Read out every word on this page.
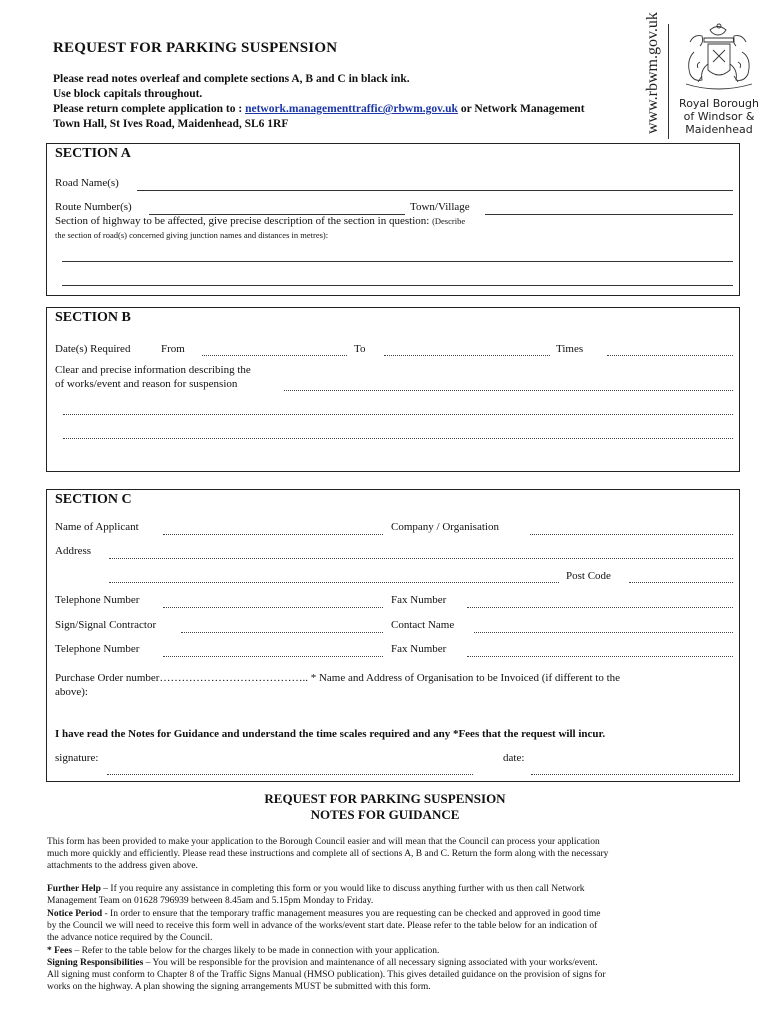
REQUEST FOR PARKING SUSPENSION
Please read notes overleaf and complete sections A, B and C in black ink.
Use block capitals throughout.
Please return complete application to : network.managementtraffic@rbwm.gov.uk or Network Management
Town Hall, St Ives Road, Maidenhead, SL6 1RF	www.rbwm.gov.uk	Royal Borough
of Windsor &
Maidenhead
SECTION A
Road Name(s)
Route Number(s)	Town/Village
Section of highway to be affected, give precise description of the section in question: (Describe
the section of road(s) concerned giving junction names and distances in metres):
SECTION B
Date(s) Required	From	To	Times
Clear and precise information describing the
of works/event and reason for suspension
SECTION C
Name of Applicant	Company / Organisation
Address
Post Code
Telephone Number	Fax Number
Sign/Signal Contractor	Contact Name
Telephone Number	Fax Number
Purchase Order number………………………………….. * Name and Address of Organisation to be Invoiced (if different to the
above):
I have read the Notes for Guidance and understand the time scales required and any *Fees that the request will incur.
signature:	date:
REQUEST FOR PARKING SUSPENSION
NOTES FOR GUIDANCE
This form has been provided to make your application to the Borough Council easier and will mean that the Council can process your application
much more quickly and efficiently. Please read these instructions and complete all of sections A, B and C. Return the form along with the necessary
attachments to the address given above.
Further Help – If you require any assistance in completing this form or you would like to discuss anything further with us then call Network
Management Team on 01628 796939 between 8.45am and 5.15pm Monday to Friday.
Notice Period - In order to ensure that the temporary traffic management measures you are requesting can be checked and approved in good time
by the Council we will need to receive this form well in advance of the works/event start date. Please refer to the table below for an indication of
the advance notice required by the Council.
* Fees – Refer to the table below for the charges likely to be made in connection with your application.
Signing Responsibilities – You will be responsible for the provision and maintenance of all necessary signing associated with your works/event.
All signing must conform to Chapter 8 of the Traffic Signs Manual (HMSO publication). This gives detailed guidance on the provision of signs for
works on the highway. A plan showing the signing arrangements MUST be submitted with this form.
